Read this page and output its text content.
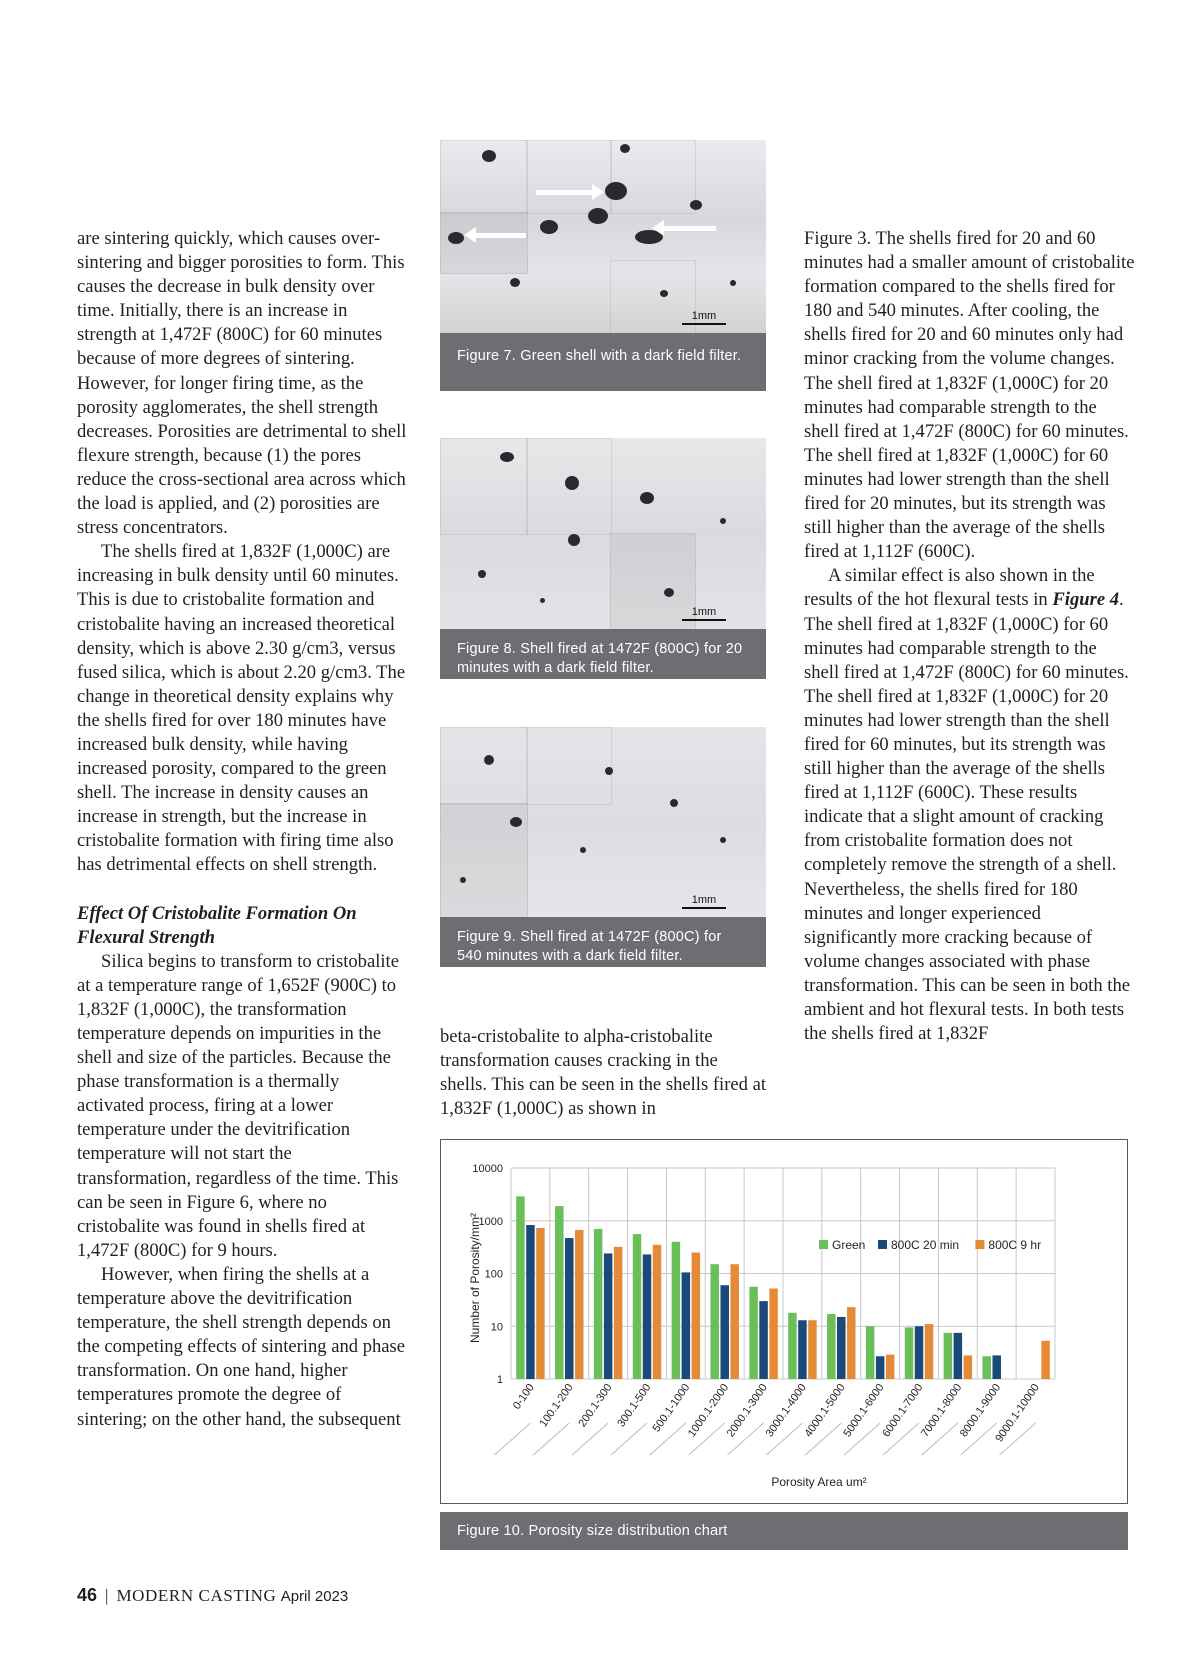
are sintering quickly, which causes over-sintering and bigger porosities to form. This causes the decrease in bulk density over time. Initially, there is an increase in strength at 1,472F (800C) for 60 minutes because of more degrees of sintering. However, for longer firing time, as the porosity agglomerates, the shell strength decreases. Porosities are detrimental to shell flexure strength, because (1) the pores reduce the cross-sectional area across which the load is applied, and (2) porosities are stress concentrators.

The shells fired at 1,832F (1,000C) are increasing in bulk density until 60 minutes. This is due to cristobalite formation and cristobalite having an increased theoretical density, which is above 2.30 g/cm3, versus fused silica, which is about 2.20 g/cm3. The change in theoretical density explains why the shells fired for over 180 minutes have increased bulk density, while having increased porosity, compared to the green shell. The increase in density causes an increase in strength, but the increase in cristobalite formation with firing time also has detrimental effects on shell strength.

Effect Of Cristobalite Formation On Flexural Strength

Silica begins to transform to cristobalite at a temperature range of 1,652F (900C) to 1,832F (1,000C), the transformation temperature depends on impurities in the shell and size of the particles. Because the phase transformation is a thermally activated process, firing at a lower temperature under the devitrification temperature will not start the transformation, regardless of the time. This can be seen in Figure 6, where no cristobalite was found in shells fired at 1,472F (800C) for 9 hours.

However, when firing the shells at a temperature above the devitrification temperature, the shell strength depends on the competing effects of sintering and phase transformation. On one hand, higher temperatures promote the degree of sintering; on the other hand, the subsequent

1mm
Figure 7. Green shell with a dark field filter.
1mm
Figure 8. Shell fired at 1472F (800C) for 20 minutes with a dark field filter.
1mm
Figure 9. Shell fired at 1472F (800C) for 540 minutes with a dark field filter.

beta-cristobalite to alpha-cristobalite transformation causes cracking in the shells. This can be seen in the shells fired at 1,832F (1,000C) as shown in

Figure 3. The shells fired for 20 and 60 minutes had a smaller amount of cristobalite formation compared to the shells fired for 180 and 540 minutes. After cooling, the shells fired for 20 and 60 minutes only had minor cracking from the volume changes. The shell fired at 1,832F (1,000C) for 20 minutes had comparable strength to the shell fired at 1,472F (800C) for 60 minutes. The shell fired at 1,832F (1,000C) for 60 minutes had lower strength than the shell fired for 20 minutes, but its strength was still higher than the average of the shells fired at 1,112F (600C).

A similar effect is also shown in the results of the hot flexural tests in Figure 4. The shell fired at 1,832F (1,000C) for 60 minutes had comparable strength to the shell fired at 1,472F (800C) for 60 minutes. The shell fired at 1,832F (1,000C) for 20 minutes had lower strength than the shell fired for 60 minutes, but its strength was still higher than the average of the shells fired at 1,112F (600C). These results indicate that a slight amount of cracking from cristobalite formation does not completely remove the strength of a shell. Nevertheless, the shells fired for 180 minutes and longer experienced significantly more cracking because of volume changes associated with phase transformation. This can be seen in both the ambient and hot flexural tests. In both tests the shells fired at 1,832F

10000
1000
100
10
1
0-100 100.1-200 200.1-300 300.1-500
500.1-1000
1000.1-2000
2000.1-3000
3000.1-4000
4000.1-5000
5000.1-6000
6000.1-7000
7000.1-8000
8000.1-9000
9000.1-10000
Number of Porosity/mm²
Porosity Area um²
Green 800C 20 min 800C 9 hr
Figure 10. Porosity size distribution chart
46 | MODERN CASTING April 2023
